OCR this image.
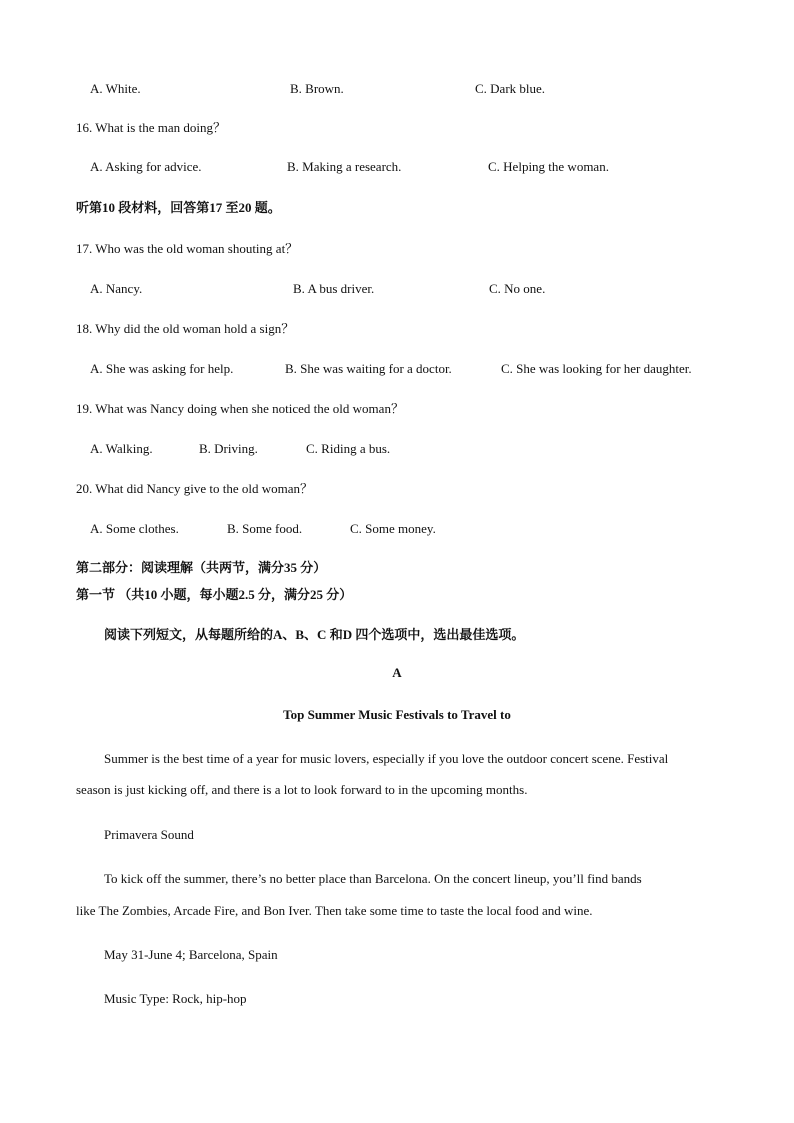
A. White.	B. Brown.	C. Dark blue.
16. What is the man doing？
A. Asking for advice.	B. Making a research.	C. Helping the woman.
听第10 段材料，回答第17 至20 题。
17. Who was the old woman shouting at？
A. Nancy.	B. A bus driver.	C. No one.
18. Why did the old woman hold a sign？
A. She was asking for help.	B. She was waiting for a doctor.	C. She was looking for her daughter.
19. What was Nancy doing when she noticed the old woman？
A. Walking.	B. Driving.	C. Riding a bus.
20. What did Nancy give to the old woman？
A. Some clothes.	B. Some food.	C. Some money.
第二部分：阅读理解（共两节，满分35 分）
第一节 （共10 小题，每小题2.5 分，满分25 分）
阅读下列短文，从每题所给的A、B、C 和D 四个选项中，选出最佳选项。
A
Top Summer Music Festivals to Travel to
Summer is the best time of a year for music lovers, especially if you love the outdoor concert scene. Festival
season is just kicking off, and there is a lot to look forward to in the upcoming months.
Primavera Sound
To kick off the summer, there’s no better place than Barcelona. On the concert lineup, you’ll find bands
like The Zombies, Arcade Fire, and Bon Iver. Then take some time to taste the local food and wine.
May 31-June 4; Barcelona, Spain
Music Type: Rock, hip-hop
